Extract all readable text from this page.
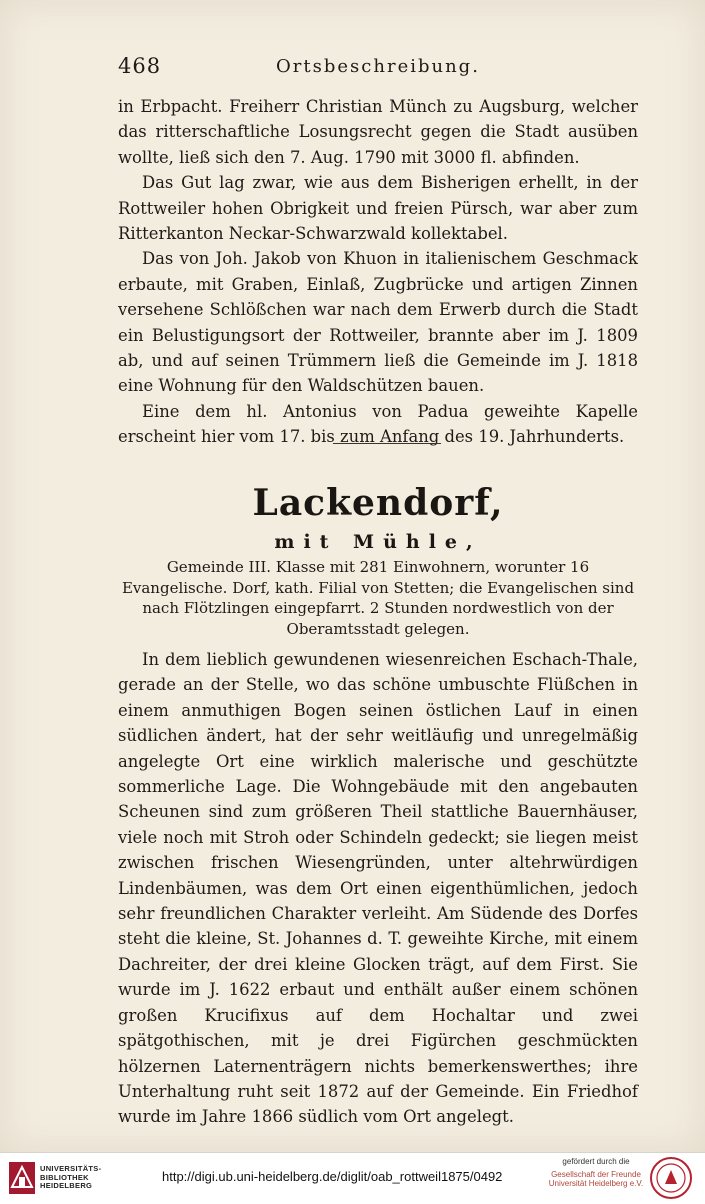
468	Ortsbeschreibung.

in Erbpacht. Freiherr Christian Münch zu Augsburg, welcher das ritterschaftliche Losungsrecht gegen die Stadt ausüben wollte, ließ sich den 7. Aug. 1790 mit 3000 fl. abfinden.

Das Gut lag zwar, wie aus dem Bisherigen erhellt, in der Rottweiler hohen Obrigkeit und freien Pürsch, war aber zum Ritterkanton Neckar-Schwarzwald kollektabel.

Das von Joh. Jakob von Khuon in italienischem Geschmack erbaute, mit Graben, Einlaß, Zugbrücke und artigen Zinnen versehene Schlößchen war nach dem Erwerb durch die Stadt ein Belustigungsort der Rottweiler, brannte aber im J. 1809 ab, und auf seinen Trümmern ließ die Gemeinde im J. 1818 eine Wohnung für den Waldschützen bauen.

Eine dem hl. Antonius von Padua geweihte Kapelle erscheint hier vom 17. bis zum Anfang des 19. Jahrhunderts.

Lackendorf,
mit Mühle,
Gemeinde III. Klasse mit 281 Einwohnern, worunter 16 Evangelische. Dorf, kath. Filial von Stetten; die Evangelischen sind nach Flötzlingen eingepfarrt. 2 Stunden nordwestlich von der Oberamtsstadt gelegen.

In dem lieblich gewundenen wiesenreichen Eschach-Thale, gerade an der Stelle, wo das schöne umbuschte Flüßchen in einem anmuthigen Bogen seinen östlichen Lauf in einen südlichen ändert, hat der sehr weitläufig und unregelmäßig angelegte Ort eine wirklich malerische und geschützte sommerliche Lage. Die Wohngebäude mit den angebauten Scheunen sind zum größeren Theil stattliche Bauernhäuser, viele noch mit Stroh oder Schindeln gedeckt; sie liegen meist zwischen frischen Wiesengründen, unter altehrwürdigen Lindenbäumen, was dem Ort einen eigenthümlichen, jedoch sehr freundlichen Charakter verleiht. Am Südende des Dorfes steht die kleine, St. Johannes d. T. geweihte Kirche, mit einem Dachreiter, der drei kleine Glocken trägt, auf dem First. Sie wurde im J. 1622 erbaut und enthält außer einem schönen großen Krucifixus auf dem Hochaltar und zwei spätgothischen, mit je drei Figürchen geschmückten hölzernen Laternenträgern nichts bemerkenswerthes; ihre Unterhaltung ruht seit 1872 auf der Gemeinde. Ein Friedhof wurde im Jahre 1866 südlich vom Ort angelegt.

UNIVERSITÄTS- BIBLIOTHEK HEIDELBERG
http://digi.ub.uni-heidelberg.de/diglit/oab_rottweil1875/0492
gefördert durch die
Gesellschaft der Freunde
Universität Heidelberg e.V.
